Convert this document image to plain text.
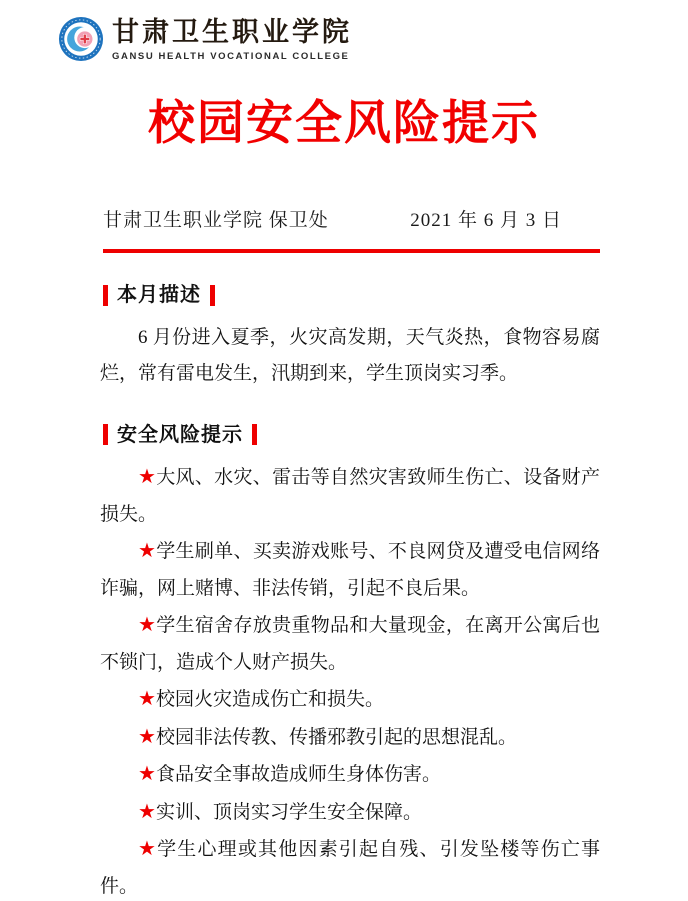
甘肃卫生职业学院
GANSU HEALTH VOCATIONAL COLLEGE
校园安全风险提示
甘肃卫生职业学院 保卫处	2021 年 6 月 3 日
本月描述

6 月份进入夏季，火灾高发期，天气炎热，食物容易腐烂，常有雷电发生，汛期到来，学生顶岗实习季。

安全风险提示

★大风、水灾、雷击等自然灾害致师生伤亡、设备财产损失。

★学生刷单、买卖游戏账号、不良网贷及遭受电信网络诈骗，网上赌博、非法传销，引起不良后果。

★学生宿舍存放贵重物品和大量现金，在离开公寓后也不锁门，造成个人财产损失。

★校园火灾造成伤亡和损失。

★校园非法传教、传播邪教引起的思想混乱。

★食品安全事故造成师生身体伤害。

★实训、顶岗实习学生安全保障。

★学生心理或其他因素引起自残、引发坠楼等伤亡事件。
